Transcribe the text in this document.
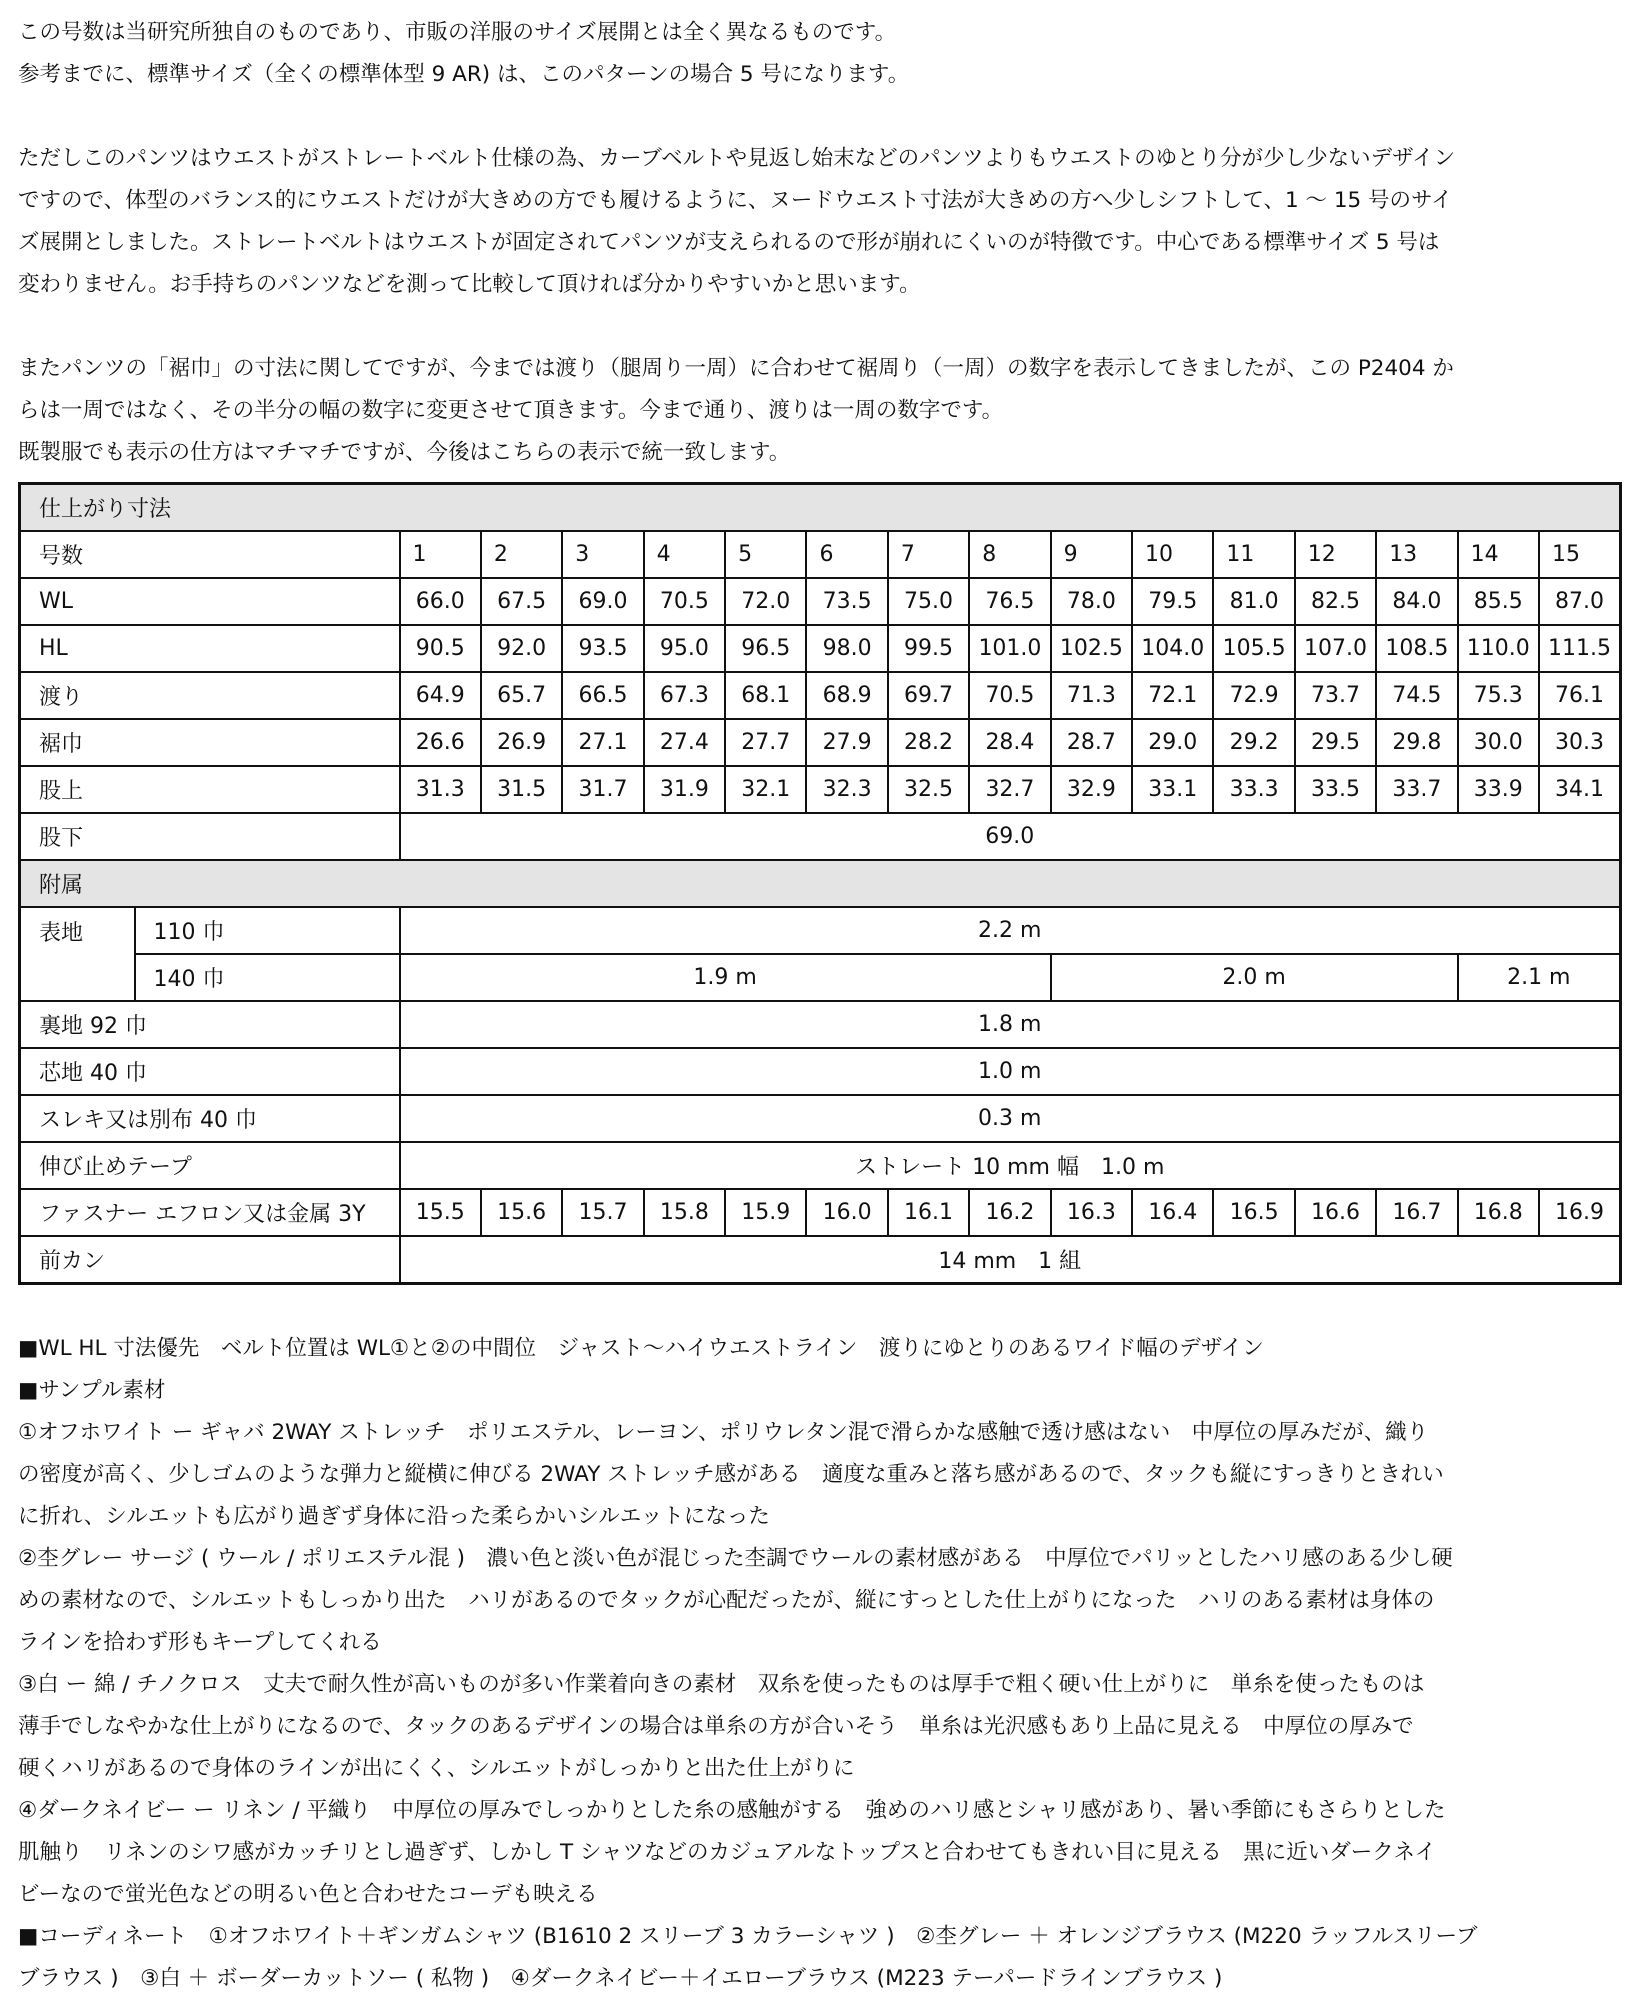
この号数は当研究所独自のものであり、市販の洋服のサイズ展開とは全く異なるものです。

参考までに、標準サイズ（全くの標準体型 9 AR) は、このパターンの場合 5 号になります。

ただしこのパンツはウエストがストレートベルト仕様の為、カーブベルトや見返し始末などのパンツよりもウエストのゆとり分が少し少ないデザイン

ですので、体型のバランス的にウエストだけが大きめの方でも履けるように、ヌードウエスト寸法が大きめの方へ少しシフトして、1 〜 15 号のサイ

ズ展開としました。ストレートベルトはウエストが固定されてパンツが支えられるので形が崩れにくいのが特徴です。中心である標準サイズ 5 号は

変わりません。お手持ちのパンツなどを測って比較して頂ければ分かりやすいかと思います。

またパンツの「裾巾」の寸法に関してですが、今までは渡り（腿周り一周）に合わせて裾周り（一周）の数字を表示してきましたが、この P2404 か

らは一周ではなく、その半分の幅の数字に変更させて頂きます。今まで通り、渡りは一周の数字です。

既製服でも表示の仕方はマチマチですが、今後はこちらの表示で統一致します。

仕上がり寸法																
号数		1	2	3	4	5	6	7	8	9	10	11	12	13	14	15
WL		66.0	67.5	69.0	70.5	72.0	73.5	75.0	76.5	78.0	79.5	81.0	82.5	84.0	85.5	87.0
HL		90.5	92.0	93.5	95.0	96.5	98.0	99.5	101.0	102.5	104.0	105.5	107.0	108.5	110.0	111.5
渡り		64.9	65.7	66.5	67.3	68.1	68.9	69.7	70.5	71.3	72.1	72.9	73.7	74.5	75.3	76.1
裾巾		26.6	26.9	27.1	27.4	27.7	27.9	28.2	28.4	28.7	29.0	29.2	29.5	29.8	30.0	30.3
股上		31.3	31.5	31.7	31.9	32.1	32.3	32.5	32.7	32.9	33.1	33.3	33.5	33.7	33.9	34.1
股下		69.0														
附属																
表地	110 巾	2.2 m														
	140 巾	1.9 m								2.0 m					2.1 m	
裏地 92 巾		1.8 m														
芯地 40 巾		1.0 m														
スレキ又は別布 40 巾		0.3 m														
伸び止めテープ		ストレート 10 mm 幅　1.0 m														
ファスナー エフロン又は金属 3Y		15.5	15.6	15.7	15.8	15.9	16.0	16.1	16.2	16.3	16.4	16.5	16.6	16.7	16.8	16.9
前カン		14 mm　1 組														

■WL HL 寸法優先　ベルト位置は WL①と②の中間位　ジャスト〜ハイウエストライン　渡りにゆとりのあるワイド幅のデザイン

■サンプル素材

①オフホワイト ー ギャバ 2WAY ストレッチ　ポリエステル、レーヨン、ポリウレタン混で滑らかな感触で透け感はない　中厚位の厚みだが、織り

の密度が高く、少しゴムのような弾力と縦横に伸びる 2WAY ストレッチ感がある　適度な重みと落ち感があるので、タックも縦にすっきりときれい

に折れ、シルエットも広がり過ぎず身体に沿った柔らかいシルエットになった

②杢グレー サージ ( ウール / ポリエステル混 )　濃い色と淡い色が混じった杢調でウールの素材感がある　中厚位でパリッとしたハリ感のある少し硬

めの素材なので、シルエットもしっかり出た　ハリがあるのでタックが心配だったが、縦にすっとした仕上がりになった　ハリのある素材は身体の

ラインを拾わず形もキープしてくれる

③白 ー 綿 / チノクロス　丈夫で耐久性が高いものが多い作業着向きの素材　双糸を使ったものは厚手で粗く硬い仕上がりに　単糸を使ったものは

薄手でしなやかな仕上がりになるので、タックのあるデザインの場合は単糸の方が合いそう　単糸は光沢感もあり上品に見える　中厚位の厚みで

硬くハリがあるので身体のラインが出にくく、シルエットがしっかりと出た仕上がりに

④ダークネイビー ー リネン / 平織り　中厚位の厚みでしっかりとした糸の感触がする　強めのハリ感とシャリ感があり、暑い季節にもさらりとした

肌触り　リネンのシワ感がカッチリとし過ぎず、しかし T シャツなどのカジュアルなトップスと合わせてもきれい目に見える　黒に近いダークネイ

ビーなので蛍光色などの明るい色と合わせたコーデも映える

■コーディネート　①オフホワイト＋ギンガムシャツ (B1610 2 スリーブ 3 カラーシャツ )　②杢グレー ＋ オレンジブラウス (M220 ラッフルスリーブ

ブラウス )　③白 ＋ ボーダーカットソー ( 私物 )　④ダークネイビー＋イエローブラウス (M223 テーパードラインブラウス )
